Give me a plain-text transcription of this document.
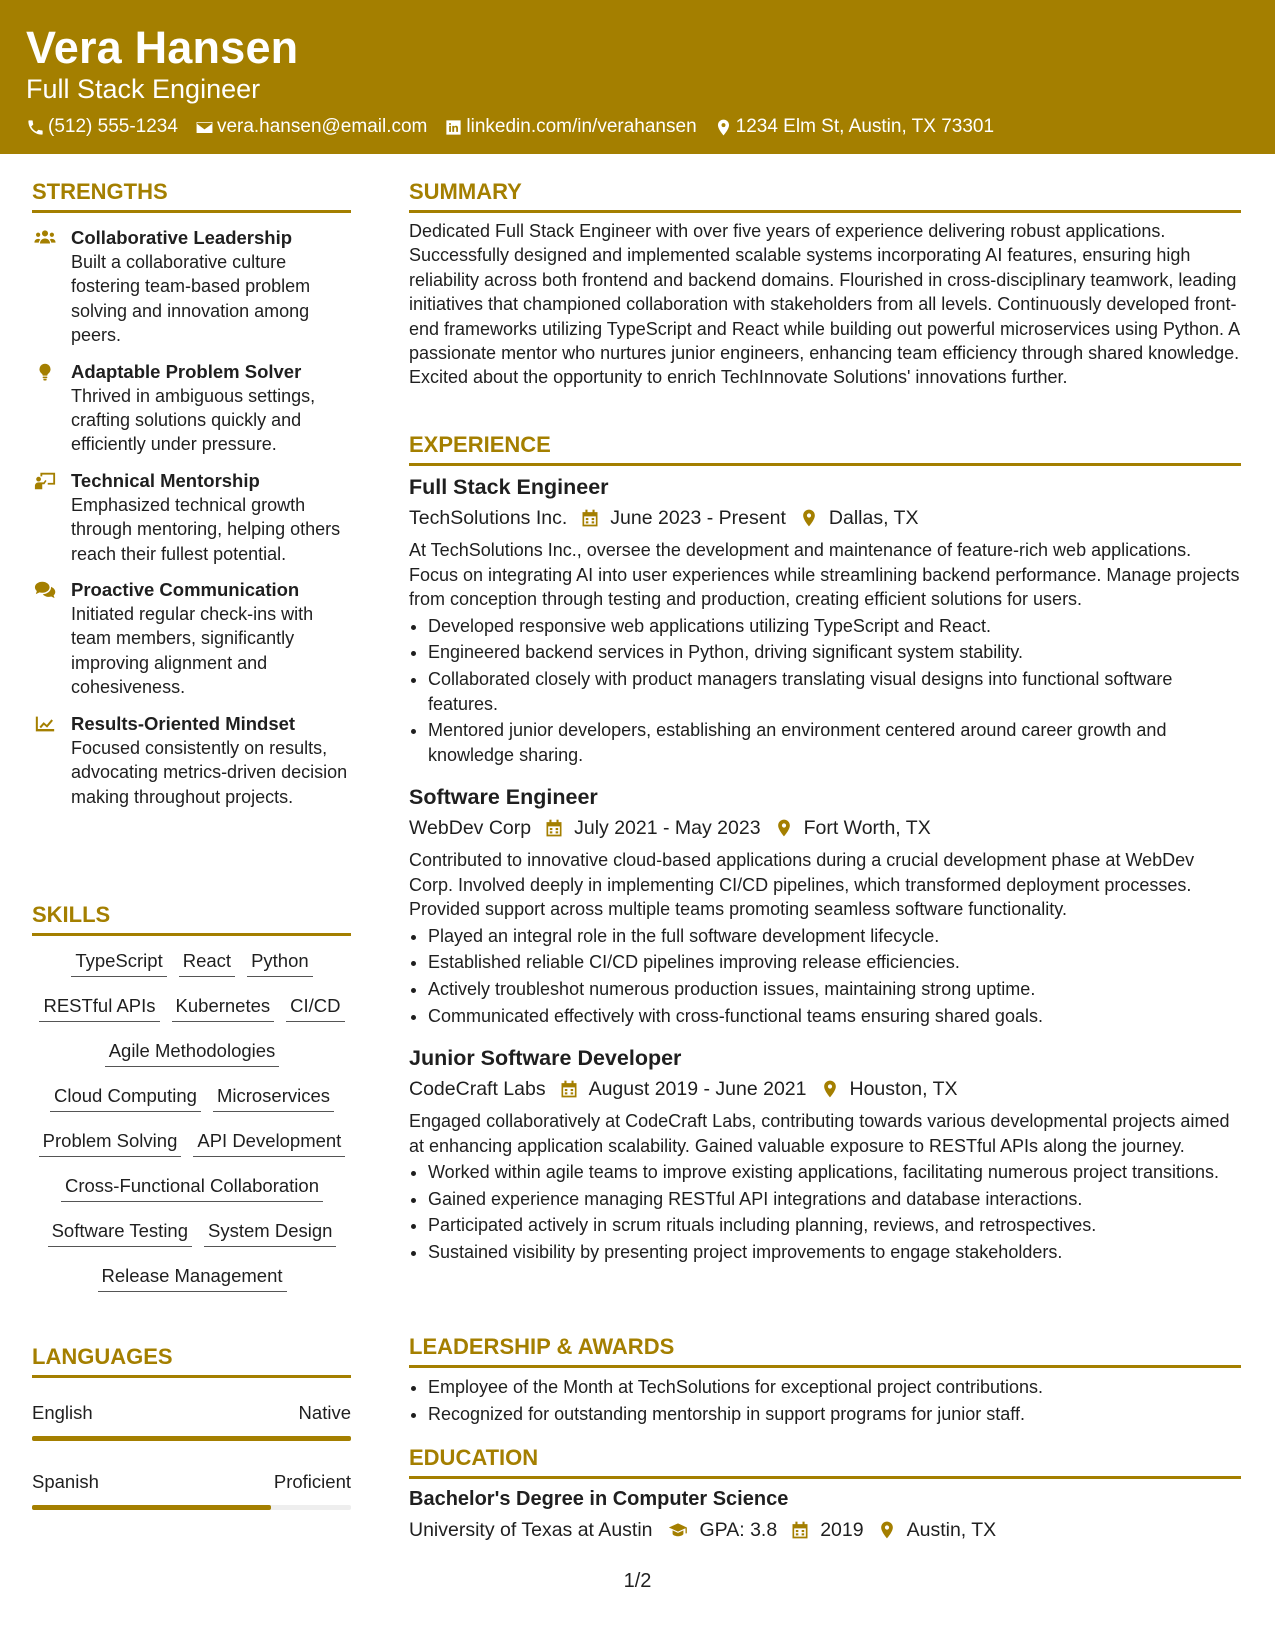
Vera Hansen
Full Stack Engineer
(512) 555-1234 vera.hansen@email.com linkedin.com/in/verahansen 1234 Elm St, Austin, TX 73301
STRENGTHS
Collaborative Leadership
Built a collaborative culture fostering team-based problem solving and innovation among peers.
Adaptable Problem Solver
Thrived in ambiguous settings, crafting solutions quickly and efficiently under pressure.
Technical Mentorship
Emphasized technical growth through mentoring, helping others reach their fullest potential.
Proactive Communication
Initiated regular check-ins with team members, significantly improving alignment and cohesiveness.
Results-Oriented Mindset
Focused consistently on results, advocating metrics-driven decision making throughout projects.
SKILLS
TypeScript React Python
RESTful APIs Kubernetes CI/CD
Agile Methodologies
Cloud Computing Microservices
Problem Solving API Development
Cross-Functional Collaboration
Software Testing System Design
Release Management
LANGUAGES
English	Native
Spanish	Proficient
SUMMARY
Dedicated Full Stack Engineer with over five years of experience delivering robust applications. Successfully designed and implemented scalable systems incorporating AI features, ensuring high reliability across both frontend and backend domains. Flourished in cross-disciplinary teamwork, leading initiatives that championed collaboration with stakeholders from all levels. Continuously developed front-end frameworks utilizing TypeScript and React while building out powerful microservices using Python. A passionate mentor who nurtures junior engineers, enhancing team efficiency through shared knowledge. Excited about the opportunity to enrich TechInnovate Solutions' innovations further.
EXPERIENCE
Full Stack Engineer
TechSolutions Inc. June 2023 - Present Dallas, TX
At TechSolutions Inc., oversee the development and maintenance of feature-rich web applications. Focus on integrating AI into user experiences while streamlining backend performance. Manage projects from conception through testing and production, creating efficient solutions for users.
• Developed responsive web applications utilizing TypeScript and React.
• Engineered backend services in Python, driving significant system stability.
• Collaborated closely with product managers translating visual designs into functional software features.
• Mentored junior developers, establishing an environment centered around career growth and knowledge sharing.
Software Engineer
WebDev Corp July 2021 - May 2023 Fort Worth, TX
Contributed to innovative cloud-based applications during a crucial development phase at WebDev Corp. Involved deeply in implementing CI/CD pipelines, which transformed deployment processes. Provided support across multiple teams promoting seamless software functionality.
• Played an integral role in the full software development lifecycle.
• Established reliable CI/CD pipelines improving release efficiencies.
• Actively troubleshot numerous production issues, maintaining strong uptime.
• Communicated effectively with cross-functional teams ensuring shared goals.
Junior Software Developer
CodeCraft Labs August 2019 - June 2021 Houston, TX
Engaged collaboratively at CodeCraft Labs, contributing towards various developmental projects aimed at enhancing application scalability. Gained valuable exposure to RESTful APIs along the journey.
• Worked within agile teams to improve existing applications, facilitating numerous project transitions.
• Gained experience managing RESTful API integrations and database interactions.
• Participated actively in scrum rituals including planning, reviews, and retrospectives.
• Sustained visibility by presenting project improvements to engage stakeholders.
LEADERSHIP & AWARDS
• Employee of the Month at TechSolutions for exceptional project contributions.
• Recognized for outstanding mentorship in support programs for junior staff.
EDUCATION
Bachelor's Degree in Computer Science
University of Texas at Austin GPA: 3.8 2019 Austin, TX
1/2
